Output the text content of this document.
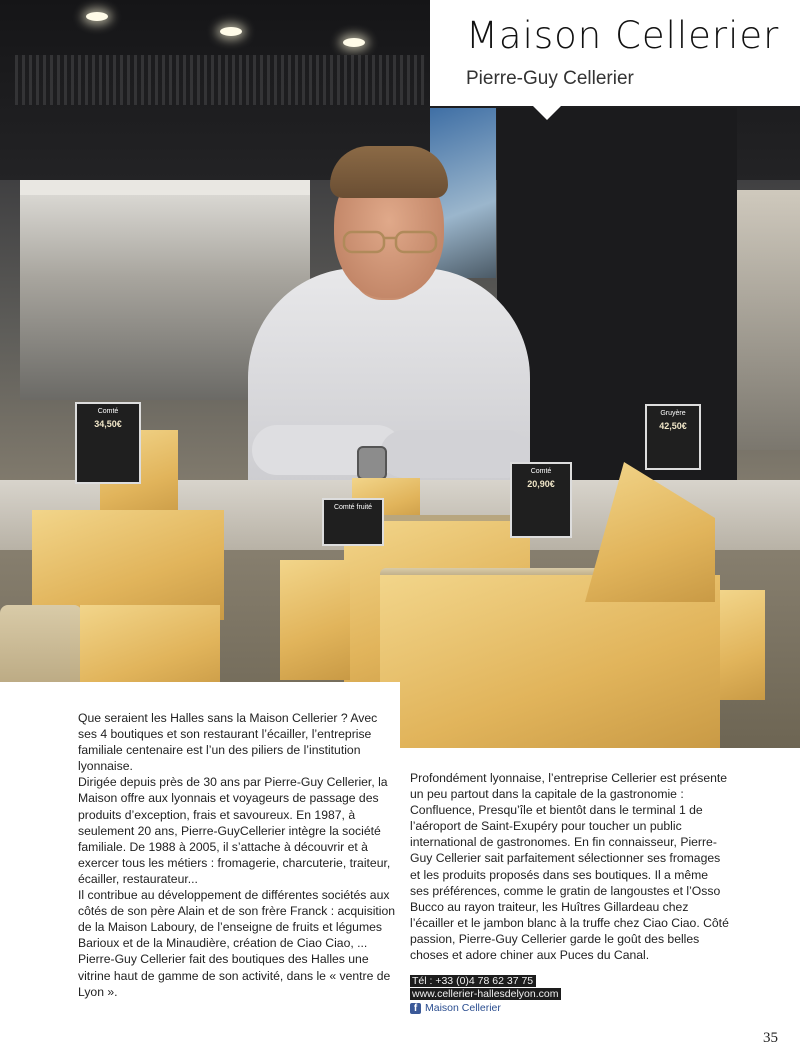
Comté
34,50€
Comté fruité
Comté
20,90€
Gruyère
42,50€
Maison Cellerier
Pierre-Guy Cellerier

Que seraient les Halles sans la Maison Cellerier ? Avec ses 4 boutiques et son restaurant l’écailler, l’entreprise familiale centenaire est l’un des piliers de l’institution lyonnaise.

Dirigée depuis près de 30 ans par Pierre-Guy Cellerier, la Maison offre aux lyonnais et voyageurs de passage des produits d’exception, frais et savoureux. En 1987, à seulement 20 ans, Pierre-GuyCellerier intègre la société familiale. De 1988 à 2005, il s’attache à découvrir et à exercer tous les métiers : fromagerie, charcuterie, traiteur, écailler, restaurateur...

Il contribue au développement de différentes sociétés aux côtés de son père Alain et de son frère Franck : acquisition de la Maison Laboury, de l’enseigne de fruits et légumes Barioux et de la Minaudière, création de Ciao Ciao, ... Pierre-Guy Cellerier fait des boutiques des Halles une vitrine haut de gamme de son activité, dans le « ventre de Lyon ».

Profondément lyonnaise, l’entreprise Cellerier est présente un peu partout dans la capitale de la gastronomie : Confluence, Presqu’île et bientôt dans le terminal 1 de l’aéroport de Saint-Exupéry pour toucher un public international de gastronomes. En fin connaisseur, Pierre-Guy Cellerier sait parfaitement sélectionner ses fromages et les produits proposés dans ses boutiques. Il a même ses préférences, comme le gratin de langoustes et l’Osso Bucco au rayon traiteur, les Huîtres Gillardeau chez l’écailler et le jambon blanc à la truffe chez Ciao Ciao. Côté passion, Pierre-Guy Cellerier garde le goût des belles choses et adore chiner aux Puces du Canal.

Tél : +33 (0)4 78 62 37 75
www.cellerier-hallesdelyon.com
f Maison Cellerier
35
